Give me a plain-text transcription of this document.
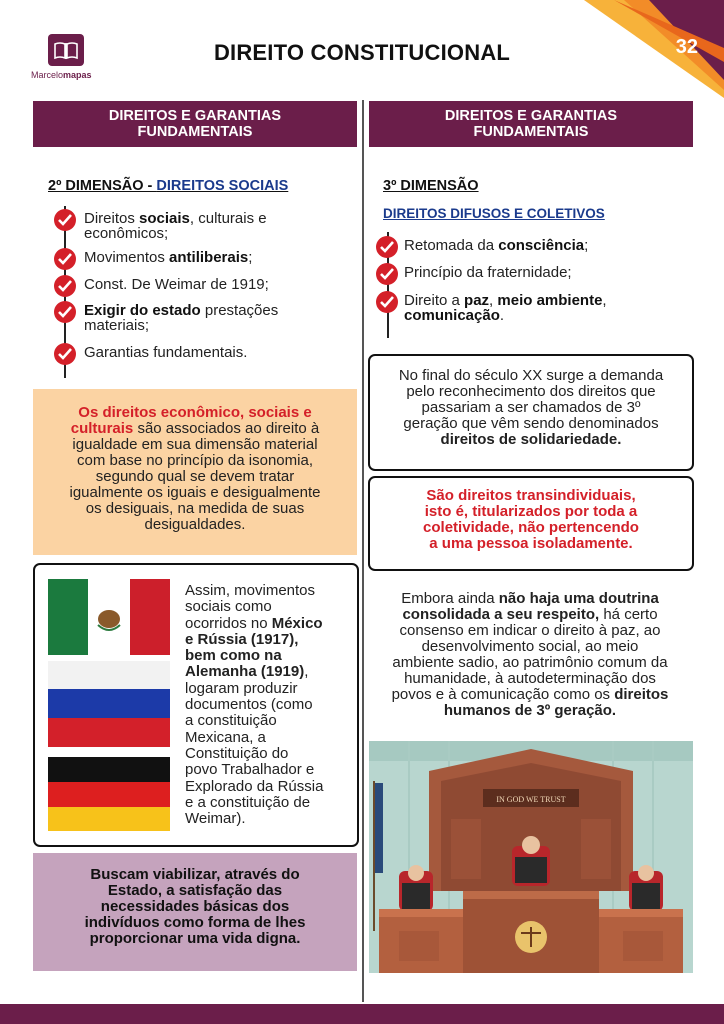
32
Marcelomapas
DIREITO CONSTITUCIONAL
DIREITOS E GARANTIAS
FUNDAMENTAIS
DIREITOS E GARANTIAS
FUNDAMENTAIS
2º DIMENSÃO - DIREITOS SOCIAIS
Direitos sociais, culturais e
econômicos;
Movimentos antiliberais;
Const. De Weimar de 1919;
Exigir do estado prestações
materiais;
Garantias fundamentais.
Os direitos econômico, sociais e
culturais são associados ao direito à
igualdade em sua dimensão material
com base no princípio da isonomia,
segundo qual se devem tratar
igualmente os iguais e desigualmente
os desiguais, na medida de suas
desigualdades.
Assim, movimentos
sociais como
ocorridos no México
e Rússia (1917),
bem como na
Alemanha (1919),
logaram produzir
documentos (como
a constituição
Mexicana, a
Constituição do
povo Trabalhador e
Explorado da Rússia
e a constituição de
Weimar).
Buscam viabilizar, através do
Estado, a satisfação das
necessidades básicas dos
indivíduos como forma de lhes
proporcionar uma vida digna.
3º DIMENSÃO
DIREITOS DIFUSOS E COLETIVOS
Retomada da consciência;
Princípio da fraternidade;
Direito a paz, meio ambiente,
comunicação.
No final do século XX surge a demanda
pelo reconhecimento dos direitos que
passariam a ser chamados de 3º
geração que vêm sendo denominados
direitos de solidariedade.
São direitos transindividuais,
isto é, titularizados por toda a
coletividade, não pertencendo
a uma pessoa isoladamente.
Embora ainda não haja uma doutrina
consolidada a seu respeito, há certo
consenso em indicar o direito à paz, ao
desenvolvimento social, ao meio
ambiente sadio, ao patrimônio comum da
humanidade, à autodeterminação dos
povos e à comunicação como os direitos
humanos de 3º geração.
IN GOD WE TRUST
